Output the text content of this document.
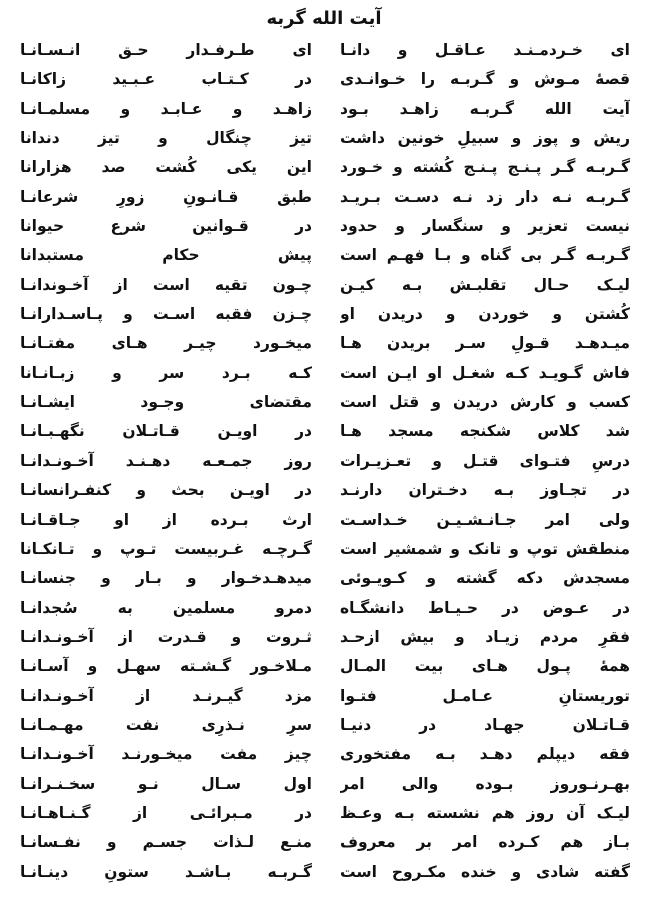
آیت الله گربه
ای خـردمـنـد عـاقـل و دانـا
ای طـرفـدار حـق انـسـانـا
قصهٔ مـوش و گـربـه را خـوانـدی
در کـتـاب عـبـید زاکانـا
آیت الله گـربـه زاهـد بـود
زاهـد و عـابـد و مسلمـانـا
ریش و پوز و سبیلِ خونین داشت
تیز چنگال و تیز دندانا
گـربـه گـر پـنـج پـنـج کُشته و خـورد
این یکی کُشت صد هزارانا
گـربـه نـه دار زد نـه دسـت بـریـد
طبق قـانـونِ زورِ شرعانـا
نیست تعزیر و سنگسار و حدود
در قـوانین شرع حیوانا
گـربـه گـر بی گناه و بـا فهـم است
پیش حکام مستبدانا
لیـک حـال تقلبـش بـه کیـن
چـون تقیه است از آخـوندانـا
کُشتن و خوردن و دریدن او
چـزن فقبه اسـت و پـاسـدارانـا
میـدهـد قـولِ سـر بریدن هـا
میخـورد چیـر هـای مفتـانـا
فاش گـویـد کـه شغـل او ایـن است
کـه بـرد سر و زبـانـانا
کسب و کارش دریدن و قتل است
مقتضای وجـود ایشـانـا
شد کلاس شکنجه مسجد هـا
در اویـن قـاتـلان نگهـبـانـا
درسِ فتـوای قتـل و تعـزیـرات
روز جمـعـه دهـنـد آخـونـدانـا
در تجـاوز بـه دخـتران دارنـد
در اویـن بحث و کنفـرانسانـا
ولی امر جـانـشـیـن خـداسـت
ارث بـرده از او جـاقـانـا
منطقش توپ و تانک و شمشیر است
گـرچـه غـربیست تـوپ و تـانکـانا
مسجدش دکه گشته و کـویـوئی
میدهـدخـوار و بـار و جنسانـا
در عـوض در حـیـاط دانشگـاه
دمرو مسلمین به سُجدانـا
فقرِ مردم زیـاد و بیش ازحـد
ثـروت و قـدرت از آخـونـدانـا
همهٔ پـول هـای بیت المـال
مـلاخـور گـشـته سهـل و آسـانـا
توریستانِ عـامـل فتـوا
مزد گیـرنـد از آخـونـدانـا
قـاتـلان جهـاد در دنیـا
سرِ نـذرِی نفت مهـمـانـا
فقه دیپلم دهـد بـه مفتخوری
چیز مفت میخـورنـد آخـونـدانـا
بهـرنـوروز بـوده والی امر
اول سـال نـو سخـنـرانـا
لیـک آن روز هم نشسته بـه وعـظ
در مـبرائـی از گـنـاهـانـا
بـاز هم کـرده امر بر معروف
منـع لـذات جسـم و نفـسانـا
گفته شادی و خنده مکـروح است
گـربـه بـاشـد ستونِ دینـانـا
